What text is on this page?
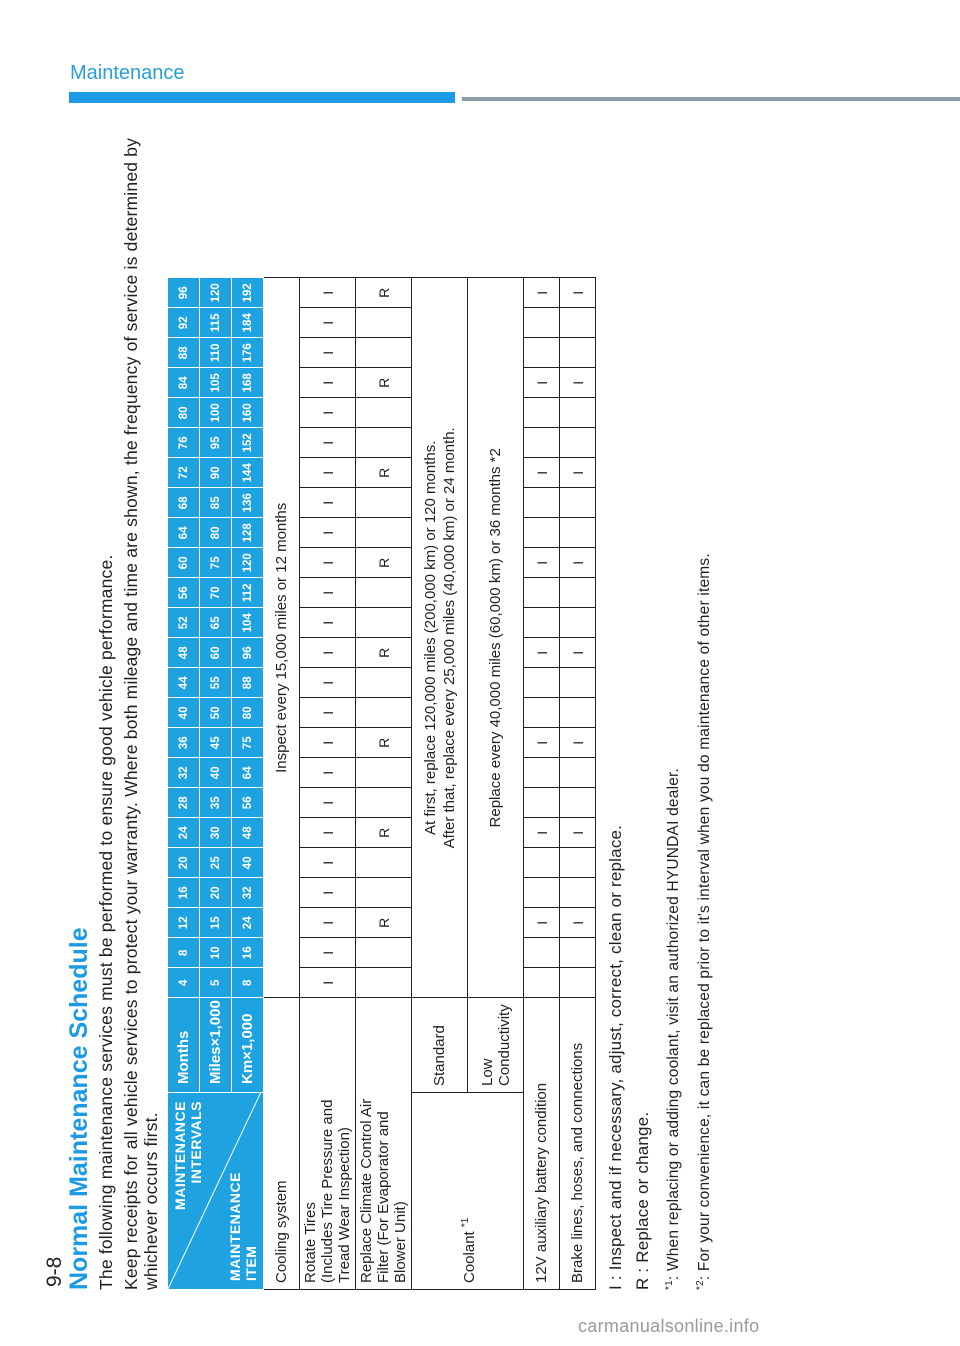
Maintenance
9-8 Normal Maintenance Schedule The following maintenance services must be performed to ensure good vehicle performance. Keep receipts for all vehicle services to protect your warranty. Where both mileage and time are shown, the frequency of service is determined by whichever occurs first. MAINTENANCE
INTERVALS
MAINTENANCE
ITEM	Months	4	8	12	16	20	24	28	32	36	40	44	48	52	56	60	64	68	72	76	80	84	88	92	96
	Miles×1,000	5	10	15	20	25	30	35	40	45	50	55	60	65	70	75	80	85	90	95	100	105	110	115	120
	Km×1,000	8	16	24	32	40	48	56	64	75	80	88	96	104	112	120	128	136	144	152	160	168	176	184	192
Cooling system		Inspect every 15,000 miles or 12 months																							
Rotate Tires
(Includes Tire Pressure and
Tread Wear Inspection)		I	I	I	I	I	I	I	I	I	I	I	I	I	I	I	I	I	I	I	I	I	I	I	I
Replace Climate Control Air
Filter (For Evaporator and
Blower Unit)				R			R			R			R			R			R			R			R
Coolant $^{*1}$	Standard	At first, replace 120,000 miles (200,000 km) or 120 months. After that, replace every 25,000 miles (40,000 km) or 24 month.																							
	Low
Conductivity	Replace every 40,000 miles (60,000 km) or 36 months *2																							
12V auxiliary battery condition				I			I			I			I			I			I			I			I
Brake lines, hoses, and connections				I			I			I			I			I			I			I			I

I : Inspect and if necessary, adjust, correct, clean or replace. R : Replace or change.	$^{*1}$: When replacing or adding coolant, visit an authorized HYUNDAI dealer.

$^{*2}$: For your convenience, it can be replaced prior to it's interval when you do maintenance of other items.

carmanualsonline.info
